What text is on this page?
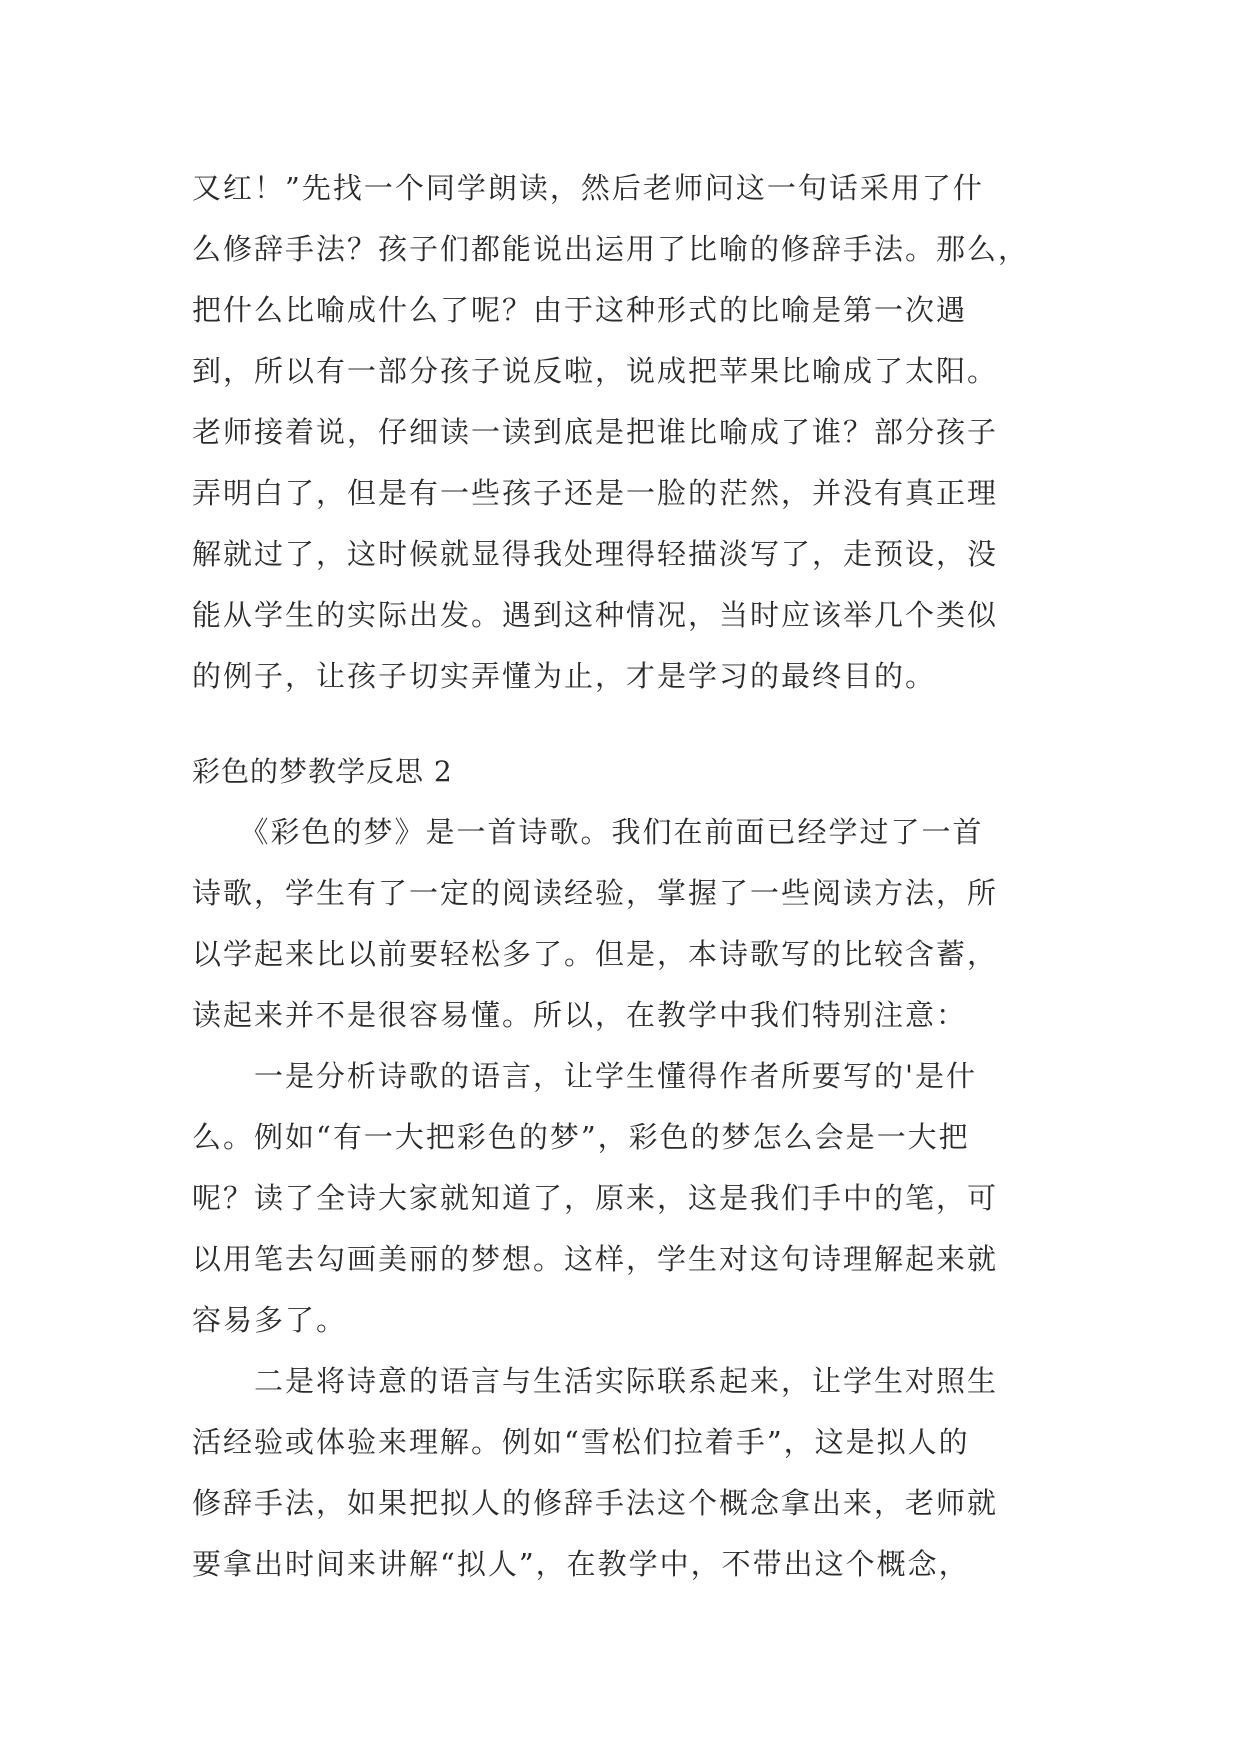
又红！”先找一个同学朗读，然后老师问这一句话采用了什
么修辞手法？孩子们都能说出运用了比喻的修辞手法。那么，
把什么比喻成什么了呢？由于这种形式的比喻是第一次遇
到，所以有一部分孩子说反啦，说成把苹果比喻成了太阳。
老师接着说，仔细读一读到底是把谁比喻成了谁？部分孩子
弄明白了，但是有一些孩子还是一脸的茫然，并没有真正理
解就过了，这时候就显得我处理得轻描淡写了，走预设，没
能从学生的实际出发。遇到这种情况，当时应该举几个类似
的例子，让孩子切实弄懂为止，才是学习的最终目的。
彩色的梦教学反思 2
　　《彩色的梦》是一首诗歌。我们在前面已经学过了一首
诗歌，学生有了一定的阅读经验，掌握了一些阅读方法，所
以学起来比以前要轻松多了。但是，本诗歌写的比较含蓄，
读起来并不是很容易懂。所以，在教学中我们特别注意：
　　一是分析诗歌的语言，让学生懂得作者所要写的'是什
么。例如“有一大把彩色的梦”，彩色的梦怎么会是一大把
呢？读了全诗大家就知道了，原来，这是我们手中的笔，可
以用笔去勾画美丽的梦想。这样，学生对这句诗理解起来就
容易多了。
　　二是将诗意的语言与生活实际联系起来，让学生对照生
活经验或体验来理解。例如“雪松们拉着手”，这是拟人的
修辞手法，如果把拟人的修辞手法这个概念拿出来，老师就
要拿出时间来讲解“拟人”，在教学中，不带出这个概念，
